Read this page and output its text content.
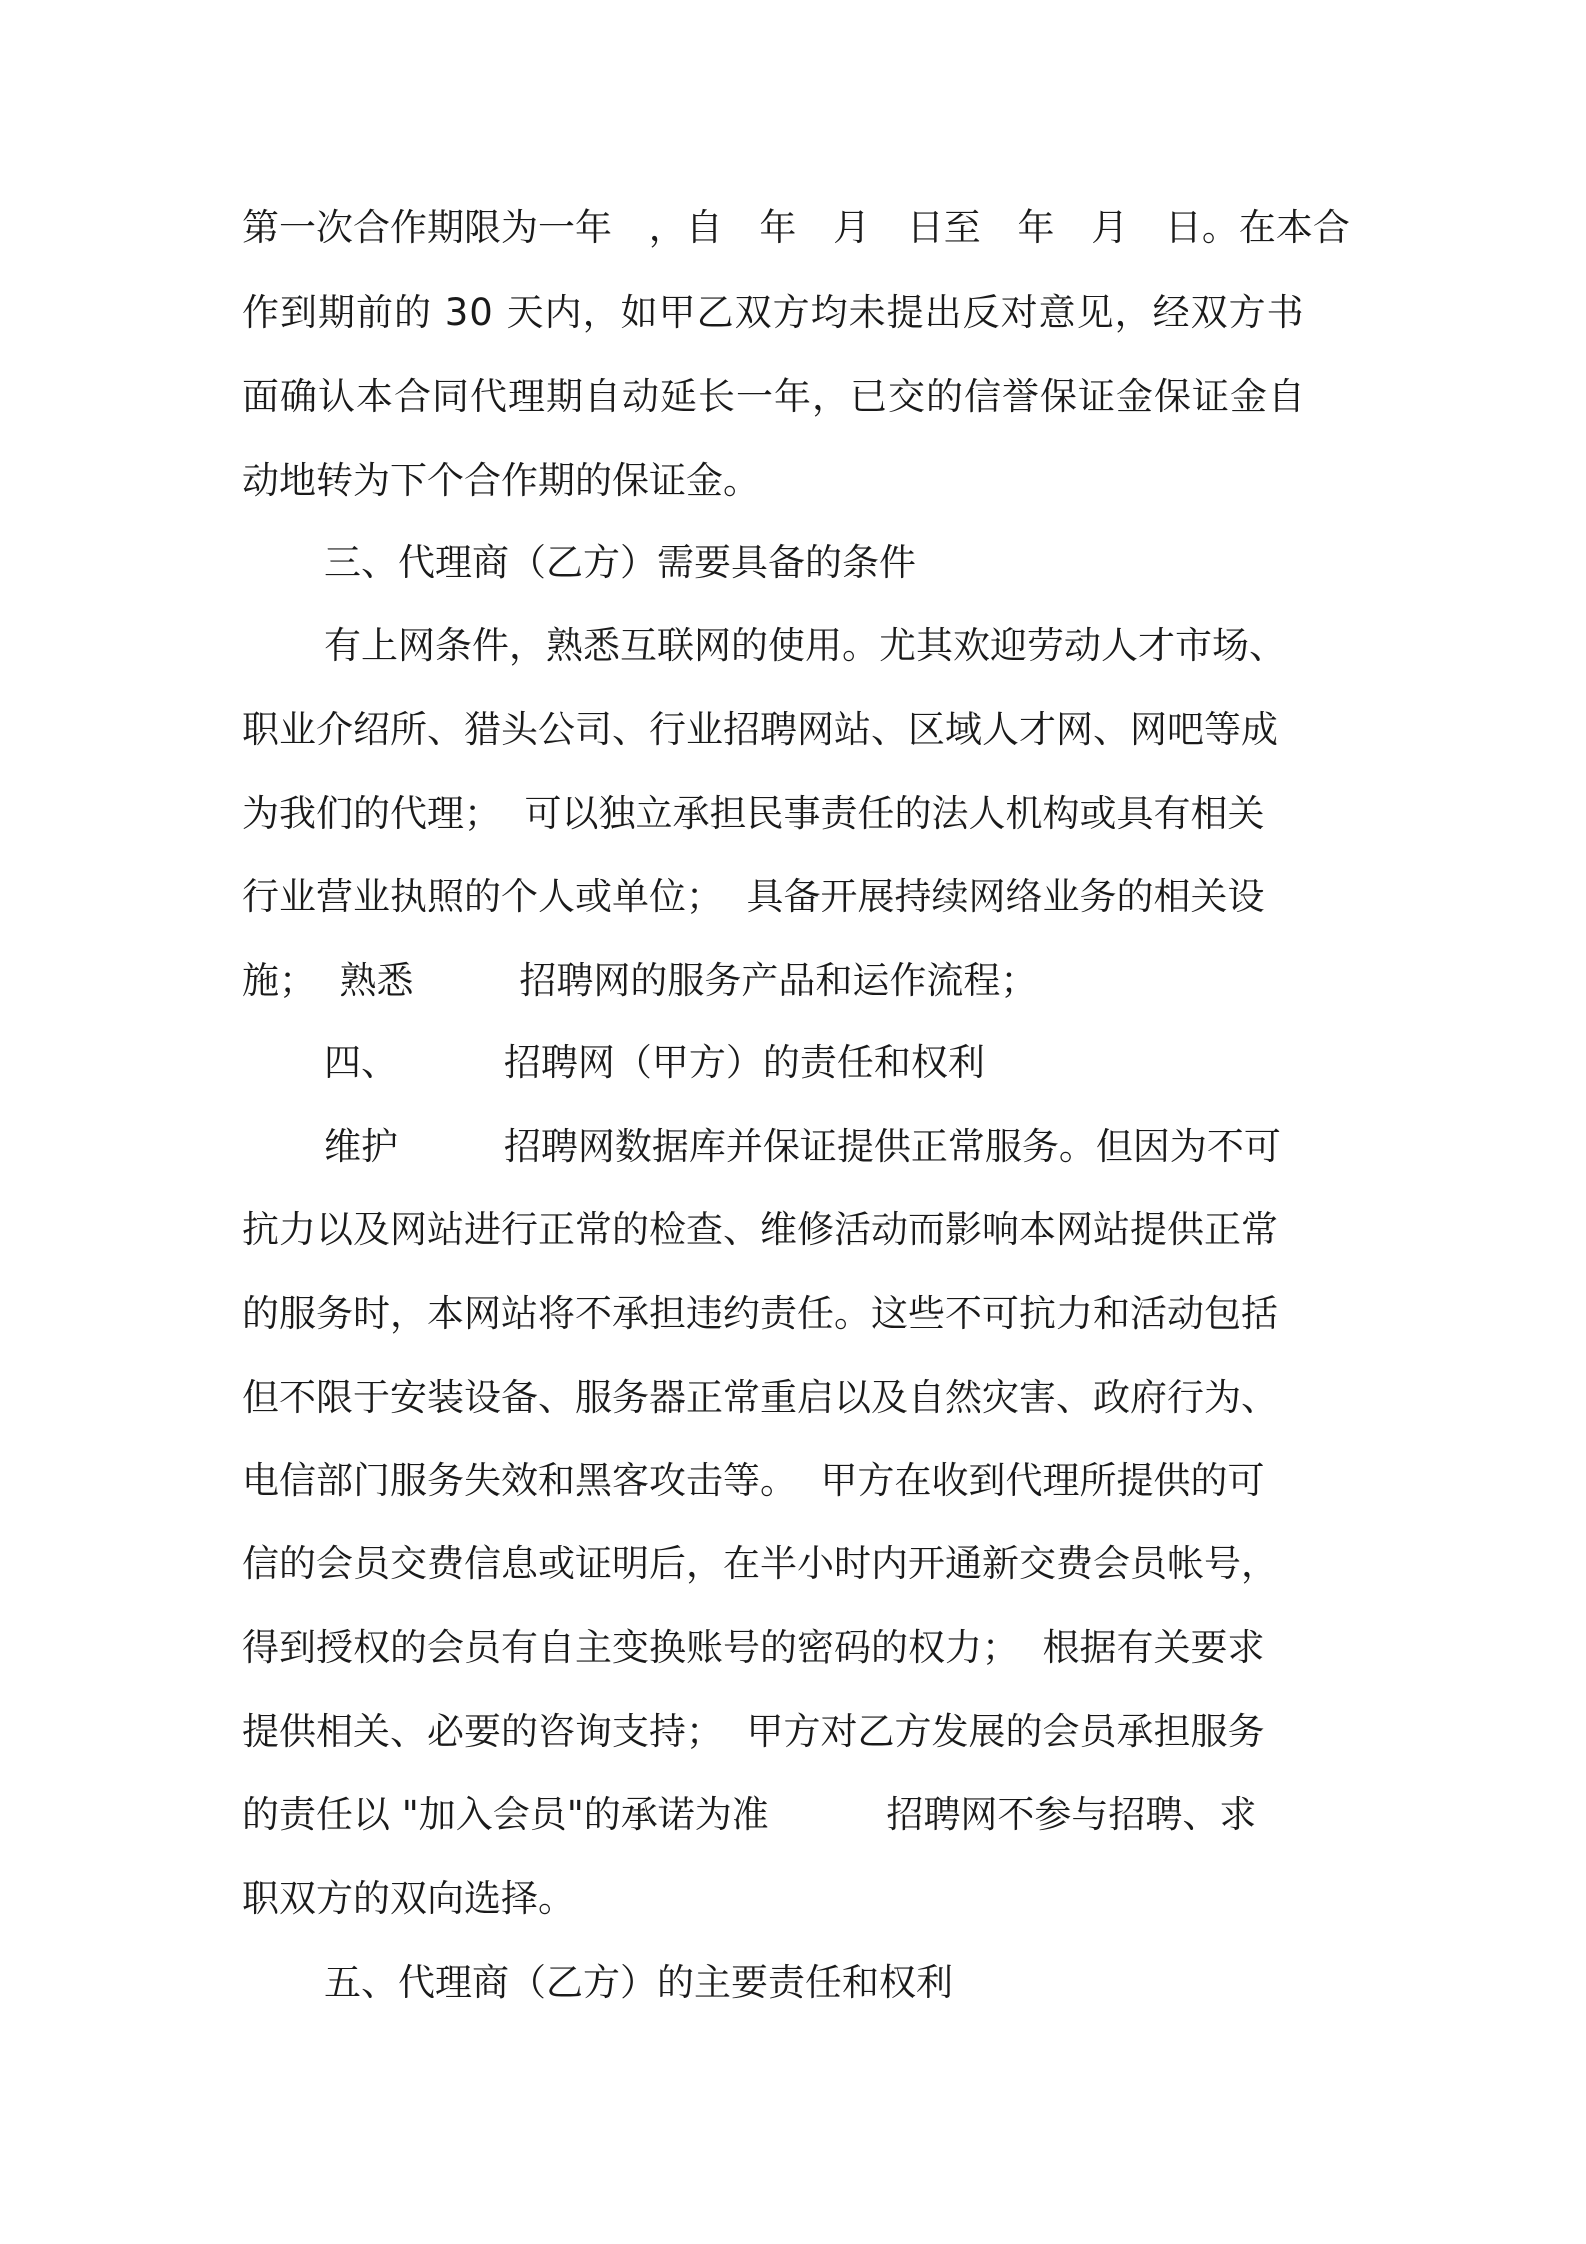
第一次合作期限为一年 ，自 年 月 日至 年 月 日。在本合
作到期前的 30 天内，如甲乙双方均未提出反对意见，经双方书
面确认本合同代理期自动延长一年，已交的信誉保证金保证金自
动地转为下个合作期的保证金。
三、代理商（乙方）需要具备的条件
有上网条件，熟悉互联网的使用。尤其欢迎劳动人才市场、
职业介绍所、猎头公司、行业招聘网站、区域人才网、网吧等成
为我们的代理；  可以独立承担民事责任的法人机构或具有相关
行业营业执照的个人或单位；  具备开展持续网络业务的相关设
施；  熟悉         招聘网的服务产品和运作流程；
四、         招聘网（甲方）的责任和权利
维护         招聘网数据库并保证提供正常服务。但因为不可
抗力以及网站进行正常的检查、维修活动而影响本网站提供正常
的服务时，本网站将不承担违约责任。这些不可抗力和活动包括
但不限于安装设备、服务器正常重启以及自然灾害、政府行为、
电信部门服务失效和黑客攻击等。  甲方在收到代理所提供的可
信的会员交费信息或证明后，在半小时内开通新交费会员帐号，
得到授权的会员有自主变换账号的密码的权力；  根据有关要求
提供相关、必要的咨询支持；  甲方对乙方发展的会员承担服务
的责任以 "加入会员"的承诺为准          招聘网不参与招聘、求
职双方的双向选择。
五、代理商（乙方）的主要责任和权利
